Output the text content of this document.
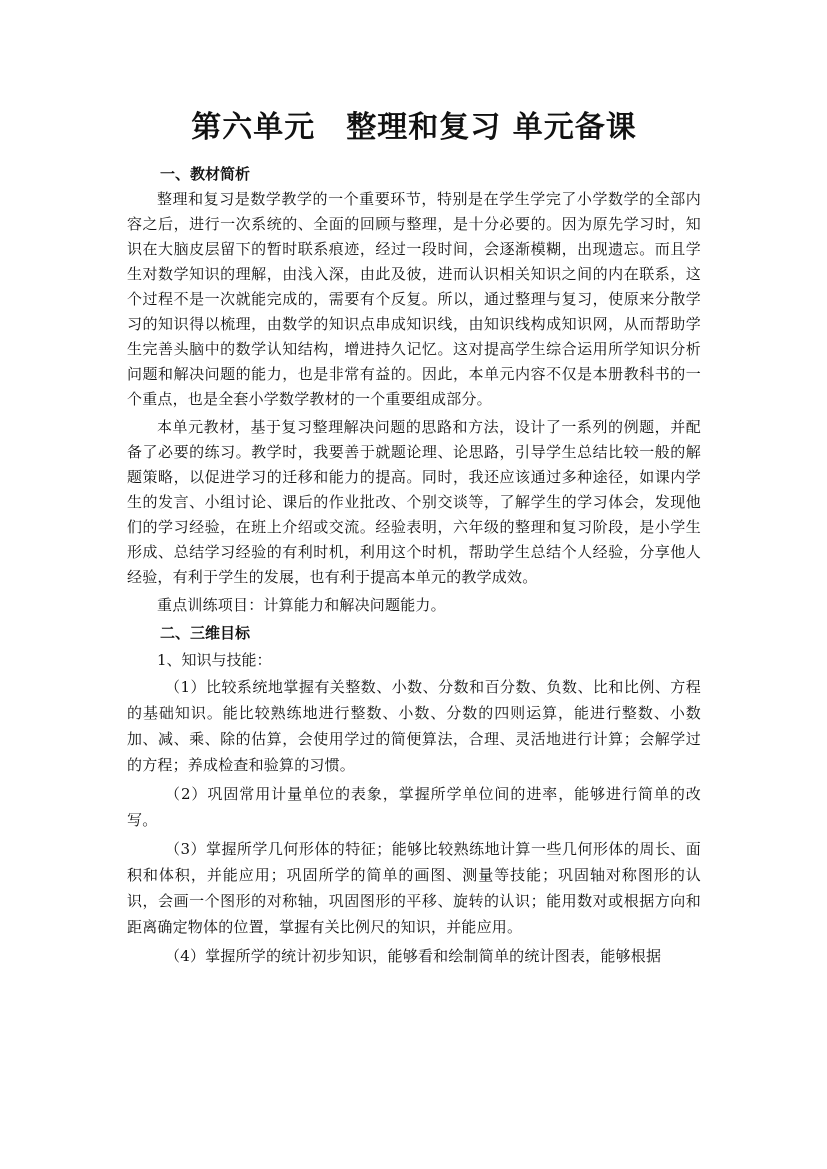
第六单元　整理和复习 单元备课
一、教材简析

整理和复习是数学教学的一个重要环节，特别是在学生学完了小学数学的全部内容之后，进行一次系统的、全面的回顾与整理，是十分必要的。因为原先学习时，知识在大脑皮层留下的暂时联系痕迹，经过一段时间，会逐渐模糊，出现遗忘。而且学生对数学知识的理解，由浅入深，由此及彼，进而认识相关知识之间的内在联系，这个过程不是一次就能完成的，需要有个反复。所以，通过整理与复习，使原来分散学习的知识得以梳理，由数学的知识点串成知识线，由知识线构成知识网，从而帮助学生完善头脑中的数学认知结构，增进持久记忆。这对提高学生综合运用所学知识分析问题和解决问题的能力，也是非常有益的。因此，本单元内容不仅是本册教科书的一个重点，也是全套小学数学教材的一个重要组成部分。

本单元教材，基于复习整理解决问题的思路和方法，设计了一系列的例题，并配备了必要的练习。教学时，我要善于就题论理、论思路，引导学生总结比较一般的解题策略，以促进学习的迁移和能力的提高。同时，我还应该通过多种途径，如课内学生的发言、小组讨论、课后的作业批改、个别交谈等，了解学生的学习体会，发现他们的学习经验，在班上介绍或交流。经验表明，六年级的整理和复习阶段，是小学生形成、总结学习经验的有利时机，利用这个时机，帮助学生总结个人经验，分享他人经验，有利于学生的发展，也有利于提高本单元的教学成效。

重点训练项目：计算能力和解决问题能力。

二、三维目标

1、知识与技能：

（1）比较系统地掌握有关整数、小数、分数和百分数、负数、比和比例、方程的基础知识。能比较熟练地进行整数、小数、分数的四则运算，能进行整数、小数加、减、乘、除的估算，会使用学过的简便算法，合理、灵活地进行计算；会解学过的方程；养成检查和验算的习惯。

（2）巩固常用计量单位的表象，掌握所学单位间的进率，能够进行简单的改写。

（3）掌握所学几何形体的特征；能够比较熟练地计算一些几何形体的周长、面积和体积，并能应用；巩固所学的简单的画图、测量等技能；巩固轴对称图形的认识，会画一个图形的对称轴，巩固图形的平移、旋转的认识；能用数对或根据方向和距离确定物体的位置，掌握有关比例尺的知识，并能应用。

（4）掌握所学的统计初步知识，能够看和绘制简单的统计图表，能够根据
